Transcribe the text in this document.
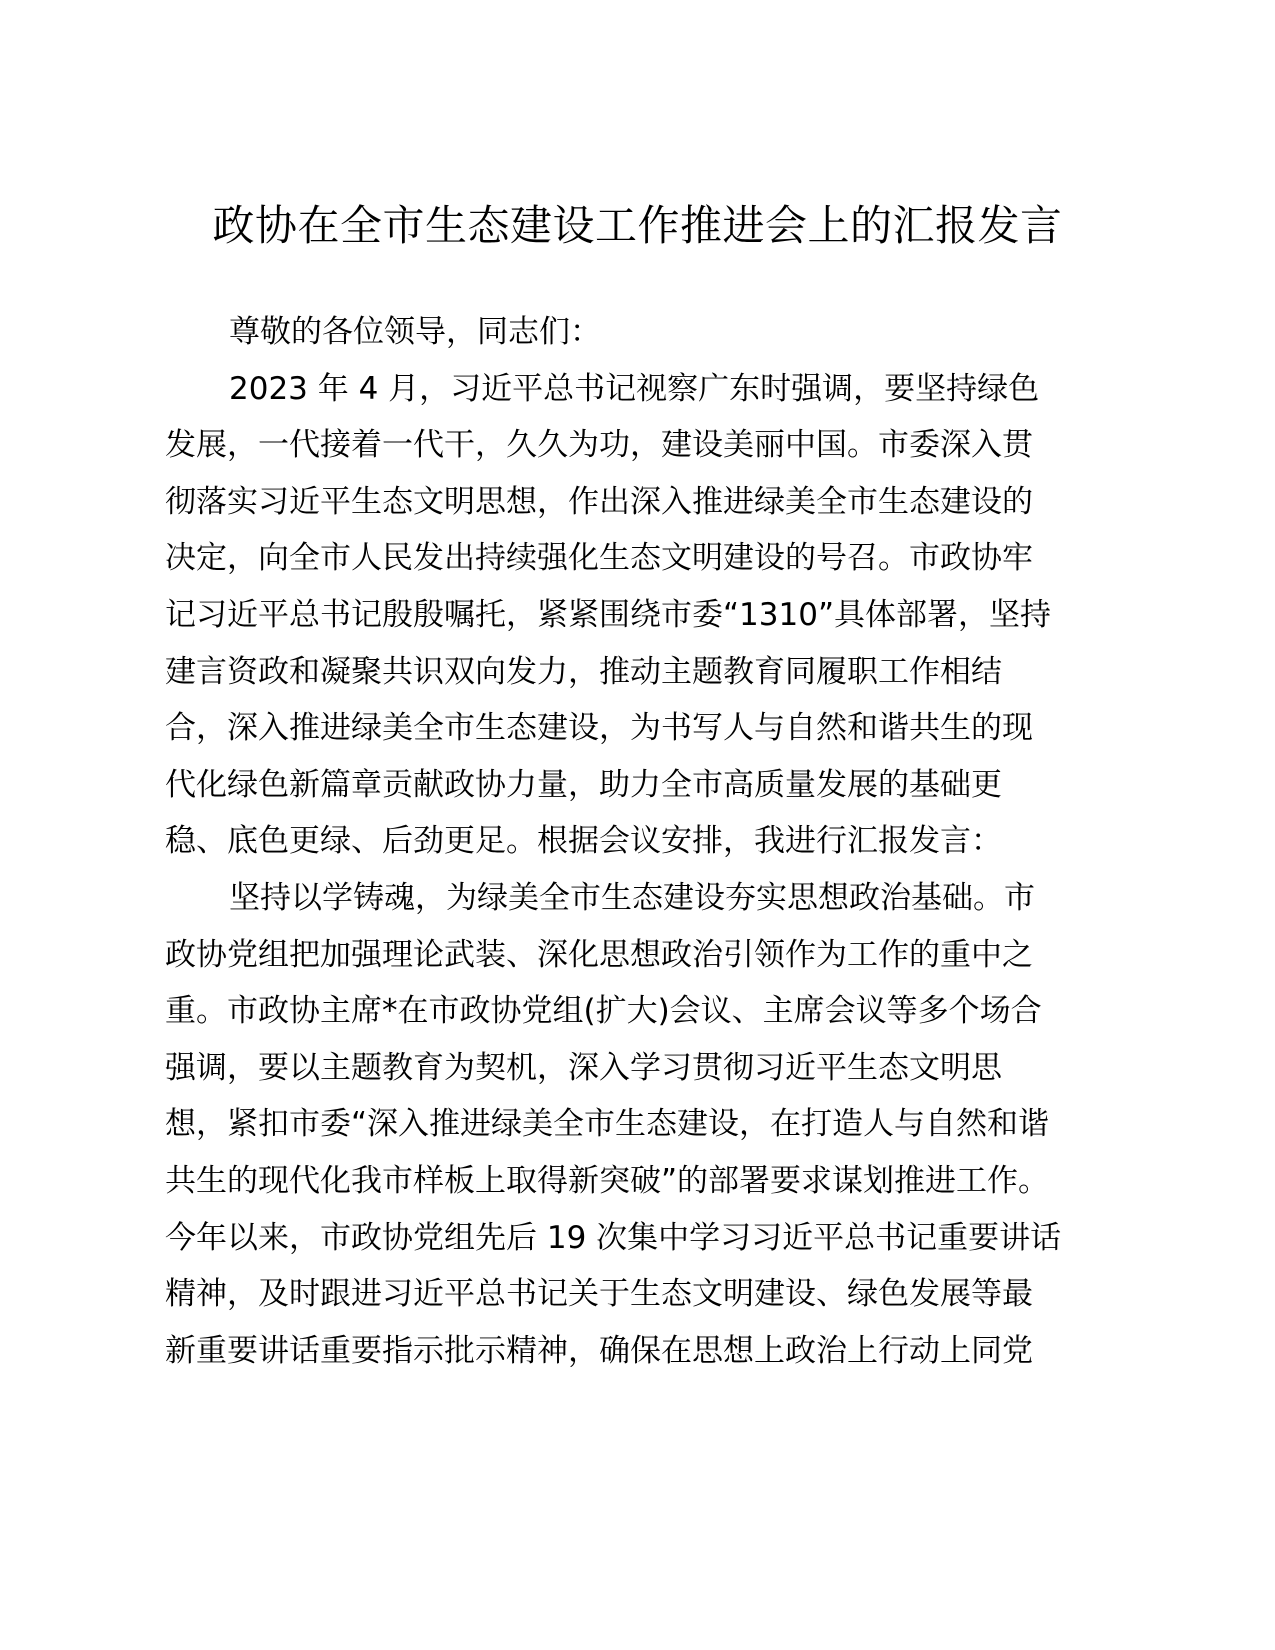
政协在全市生态建设工作推进会上的汇报发言
尊敬的各位领导，同志们：
2023 年 4 月，习近平总书记视察广东时强调，要坚持绿色
发展，一代接着一代干，久久为功，建设美丽中国。市委深入贯
彻落实习近平生态文明思想，作出深入推进绿美全市生态建设的
决定，向全市人民发出持续强化生态文明建设的号召。市政协牢
记习近平总书记殷殷嘱托，紧紧围绕市委“1310”具体部署，坚持
建言资政和凝聚共识双向发力，推动主题教育同履职工作相结
合，深入推进绿美全市生态建设，为书写人与自然和谐共生的现
代化绿色新篇章贡献政协力量，助力全市高质量发展的基础更
稳、底色更绿、后劲更足。根据会议安排，我进行汇报发言：
坚持以学铸魂，为绿美全市生态建设夯实思想政治基础。市
政协党组把加强理论武装、深化思想政治引领作为工作的重中之
重。市政协主席*在市政协党组(扩大)会议、主席会议等多个场合
强调，要以主题教育为契机，深入学习贯彻习近平生态文明思
想，紧扣市委“深入推进绿美全市生态建设，在打造人与自然和谐
共生的现代化我市样板上取得新突破”的部署要求谋划推进工作。
今年以来，市政协党组先后 19 次集中学习习近平总书记重要讲话
精神，及时跟进习近平总书记关于生态文明建设、绿色发展等最
新重要讲话重要指示批示精神，确保在思想上政治上行动上同党
